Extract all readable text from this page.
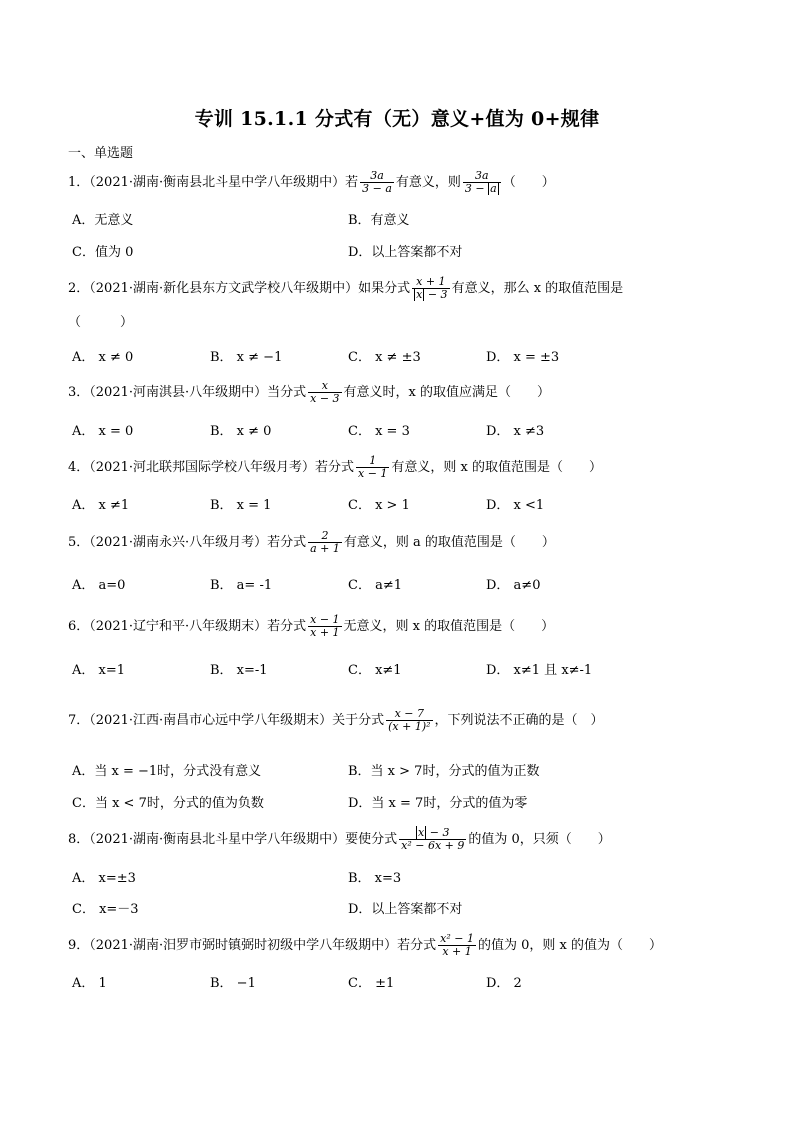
专训 15.1.1 分式有（无）意义+值为 0+规律
一、单选题
1．（2021·湖南·衡南县北斗星中学八年级期中）若 $\frac{3a}{3 - a}$ 有意义，则 $\frac{3a}{3 - a}$ （　　）
A．无意义	B．有意义
C．值为 0	D．以上答案都不对
2．（2021·湖南·新化县东方文武学校八年级期中）如果分式 $\frac{x + 1}{x - 3}$ 有意义，那么 x 的取值范围是
（　　　）
A． x ≠ 0	B． x ≠ −1	C． x ≠ ±3	D． x = ±3
3．（2021·河南淇县·八年级期中）当分式 $\frac{x}{x - 3}$ 有意义时，x 的取值应满足（　　）
A． x = 0	B． x ≠ 0	C． x = 3	D． x ≠3
4．（2021·河北联邦国际学校八年级月考）若分式 $\frac{1}{x - 1}$ 有意义，则 x 的取值范围是（　　）
A． x ≠1	B． x = 1	C． x > 1	D． x <1
5．（2021·湖南永兴·八年级月考）若分式 $\frac{2}{a + 1}$ 有意义，则 a 的取值范围是（　　）
A． a=0	B． a= -1	C． a≠1	D． a≠0
6．（2021·辽宁和平·八年级期末）若分式 $\frac{x - 1}{x + 1}$ 无意义，则 x 的取值范围是（　　）
A． x=1	B． x=-1	C． x≠1	D． x≠1 且 x≠-1
7．（2021·江西·南昌市心远中学八年级期末）关于分式 $\frac{x - 7}{\text{(x + 1)²}}$ ，下列说法不正确的是（　）
A．当 x = −1时，分式没有意义	B．当 x > 7时，分式的值为正数
C．当 x < 7时，分式的值为负数	D．当 x = 7时，分式的值为零
8．（2021·湖南·衡南县北斗星中学八年级期中）要使分式 $\frac{x - 3}{\text{x² − 6x + 9}}$ 的值为 0，只须（　　）
A． x=±3	B． x=3
C． x=－3	D．以上答案都不对
9．（2021·湖南·汨罗市弼时镇弼时初级中学八年级期中）若分式 $\frac{\text{x² − 1}}{x + 1}$ 的值为 0，则 x 的值为（　　）
A． 1	B． −1	C． ±1	D． 2
